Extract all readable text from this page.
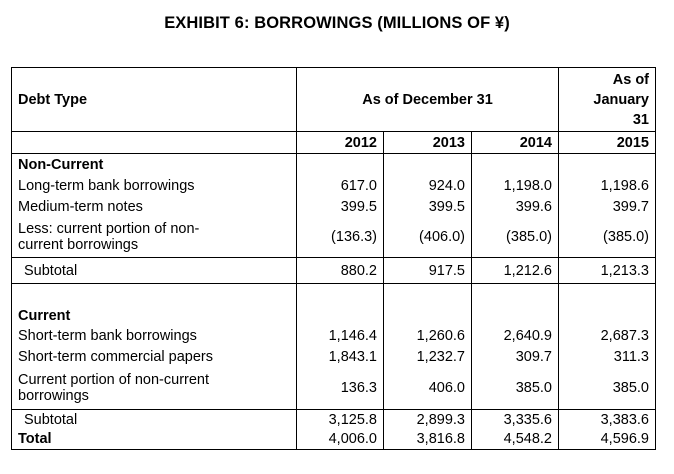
EXHIBIT 6: BORROWINGS (MILLIONS OF ¥)
Debt Type	As of December 31			As of
January
31

	2012	2013	2014	2015
Non-Current				
Long-term bank borrowings	617.0	924.0	1,198.0	1,198.6
Medium-term notes	399.5	399.5	399.6	399.7

Less: current portion of non-
current borrowings	(136.3)	(406.0)	(385.0)	(385.0)
Subtotal	880.2	917.5	1,212.6	1,213.3

Current				
Short-term bank borrowings	1,146.4	1,260.6	2,640.9	2,687.3
Short-term commercial papers	1,843.1	1,232.7	309.7	311.3

Current portion of non-current
borrowings	136.3	406.0	385.0	385.0
Subtotal	3,125.8	2,899.3	3,335.6	3,383.6
Total	4,006.0	3,816.8	4,548.2	4,596.9
